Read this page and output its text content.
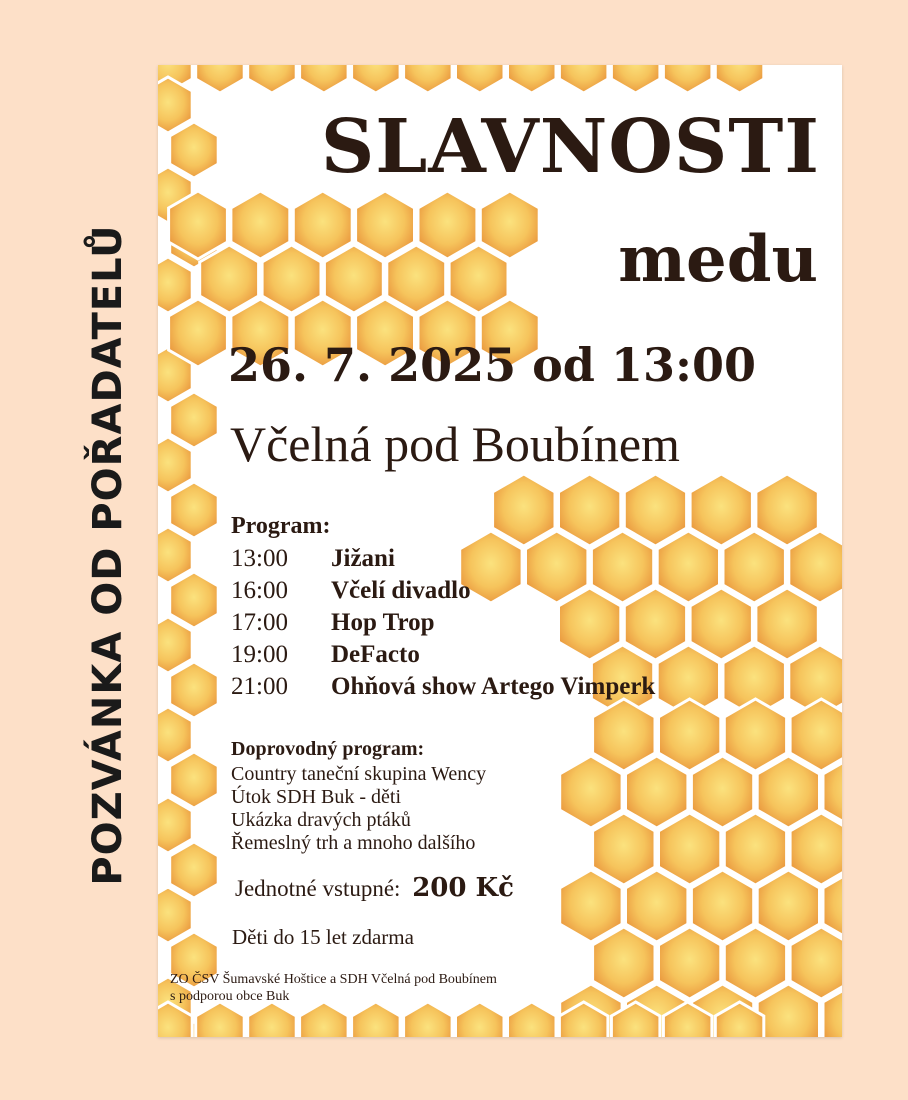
POZVÁNKA OD POŘADATELŮ
SLAVNOSTI
medu
26. 7. 2025 od 13:00
Včelná pod Boubínem
Program:
13:00 Jižani
16:00 Včelí divadlo
17:00 Hop Trop
19:00 DeFacto
21:00 Ohňová show Artego Vimperk
Doprovodný program:
Country taneční skupina Wency
Útok SDH Buk - děti
Ukázka dravých ptáků
Řemeslný trh a mnoho dalšího
Jednotné vstupné: 200 Kč
Děti do 15 let zdarma
ZO ČSV Šumavské Hoštice a SDH Včelná pod Boubínem
s podporou obce Buk
